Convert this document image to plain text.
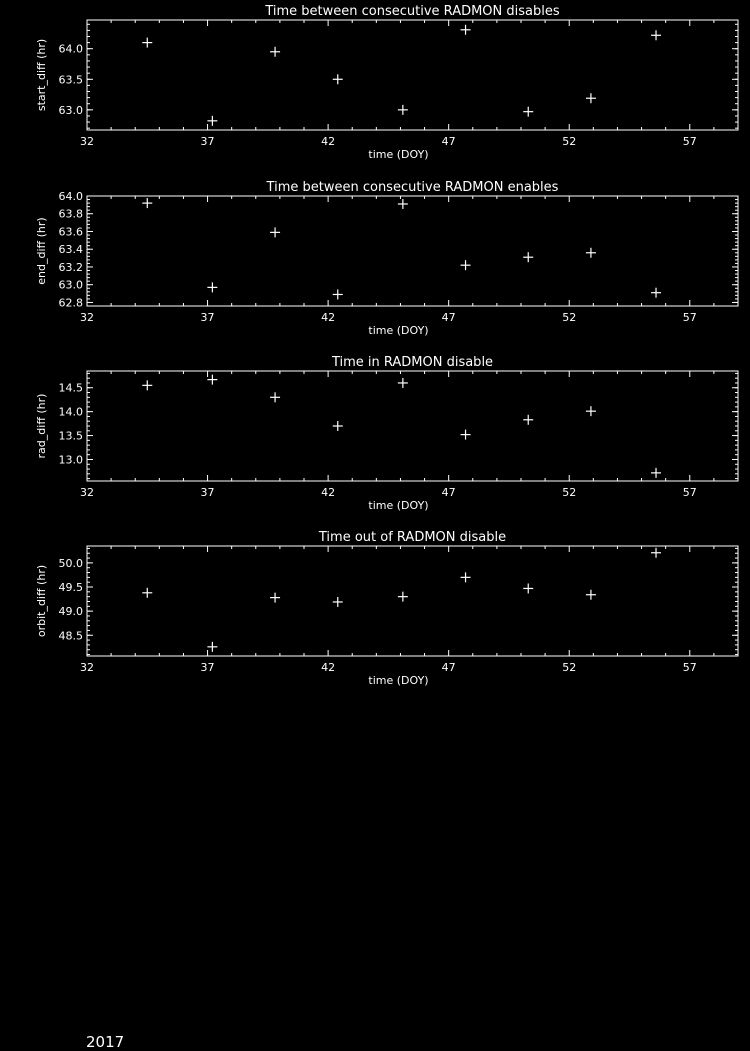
Time between consecutive RADMON disables
32	37	42	47	52	57
63.0
63.5
64.0
time (DOY)
start_diff (hr)
Time between consecutive RADMON enables
32	37	42	47	52	57
62.8
63.0
63.2
63.4
63.6
63.8
64.0
time (DOY)
end_diff (hr)
Time in RADMON disable
32	37	42	47	52	57
13.0
13.5
14.0
14.5
time (DOY)
rad_diff (hr)
Time out of RADMON disable
32	37	42	47	52	57
48.5
49.0
49.5
50.0
time (DOY)
orbit_diff (hr)
2017
